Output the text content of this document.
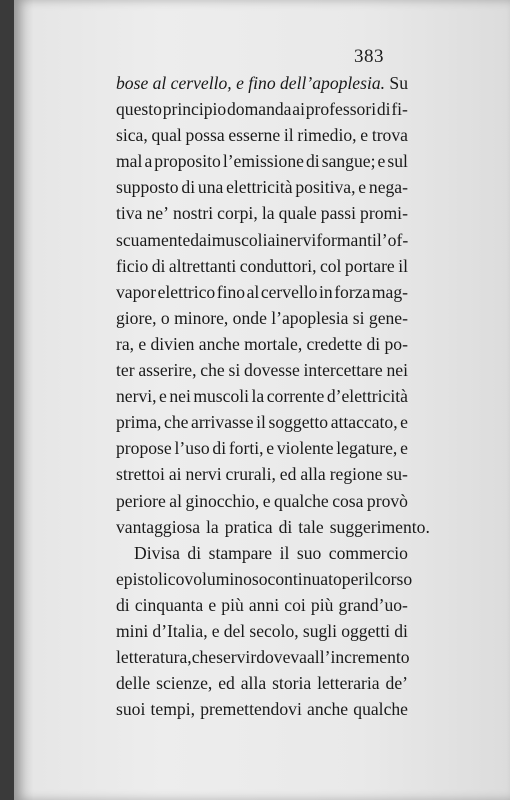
383
bose al cervello, e fino dell’apoplesia. Su
questo principio domanda ai professori di fi-
sica, qual possa esserne il rimedio, e trova
mal a proposito l’emissione di sangue; e sul
supposto di una elettricità positiva, e nega-
tiva ne’ nostri corpi, la quale passi promi-
scuamente dai muscoli ai nervi formanti l’of-
ficio di altrettanti conduttori, col portare il
vapor elettrico fino al cervello in forza mag-
giore, o minore, onde l’apoplesia si gene-
ra, e divien anche mortale, credette di po-
ter asserire, che si dovesse intercettare nei
nervi, e nei muscoli la corrente d’elettricità
prima, che arrivasse il soggetto attaccato, e
propose l’uso di forti, e violente legature, e
strettoi ai nervi crurali, ed alla regione su-
periore al ginocchio, e qualche cosa provò
vantaggiosa la pratica di tale suggerimento.
Divisa di stampare il suo commercio
epistolico voluminoso continuato per il corso
di cinquanta e più anni coi più grand’uo-
mini d’Italia, e del secolo, sugli oggetti di
letteratura, che servir doveva all’incremento
delle scienze, ed alla storia letteraria de’
suoi tempi, premettendovi anche qualche
